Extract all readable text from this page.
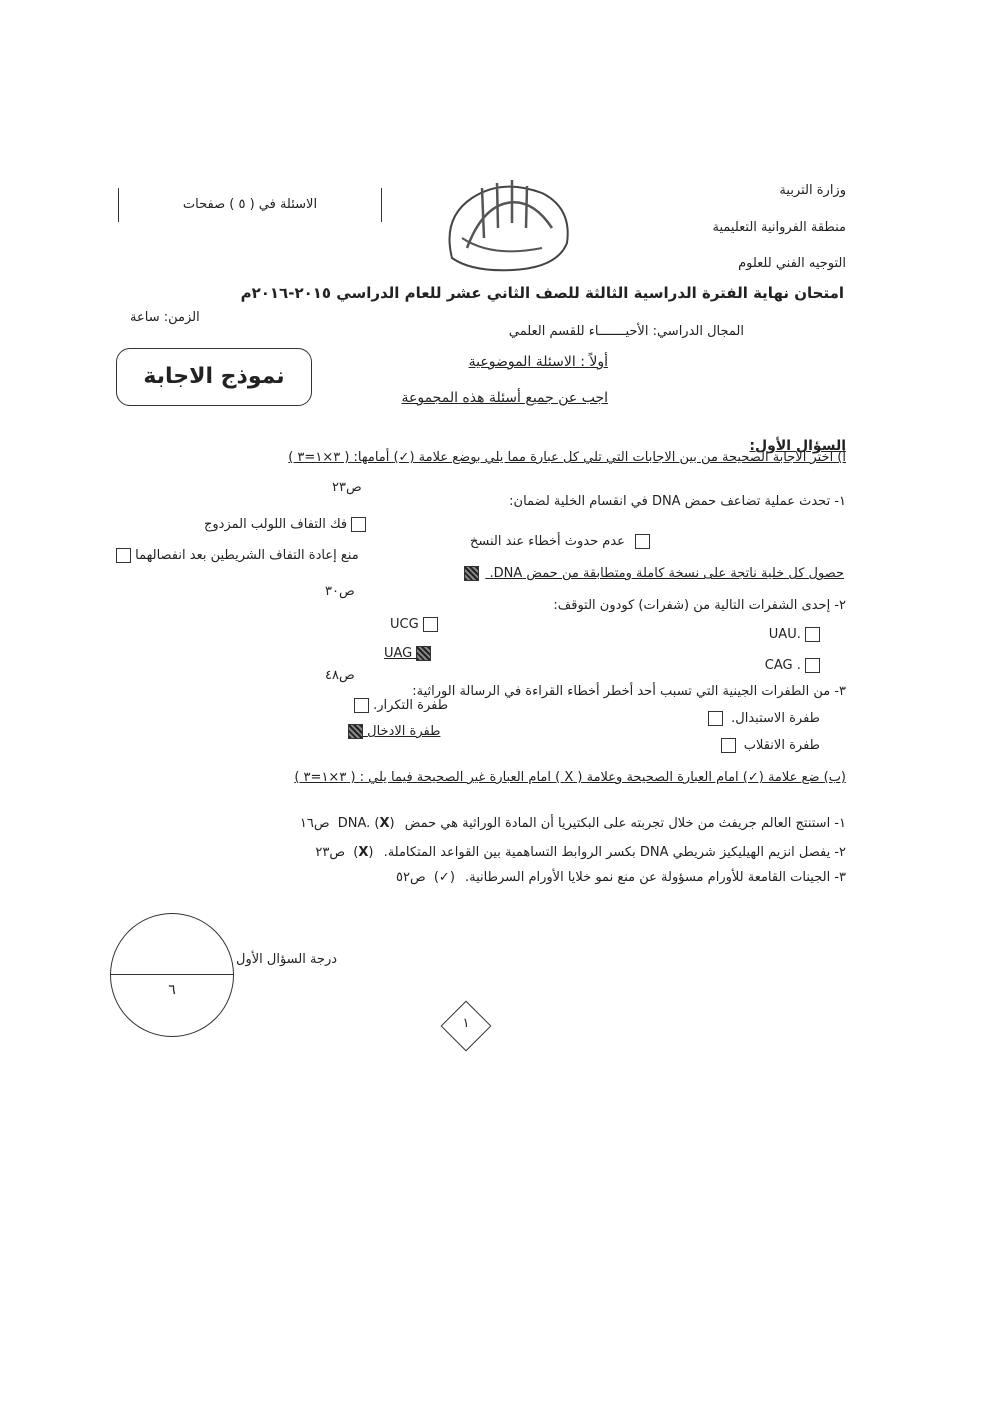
وزارة التربية
منطقة الفروانية التعليمية
التوجيه الفني للعلوم
الاسئلة في ( ٥ ) صفحات
امتحان نهاية الفترة الدراسية الثالثة للصف الثاني عشر للعام الدراسي ٢٠١٥-٢٠١٦م
المجال الدراسي: الأحيـــــــاء للقسم العلمي
الزمن: ساعة
نموذج الاجابة
أولاً : الاسئلة الموضوعية
اجب عن جميع أسئلة هذه المجموعة
السؤال الأول:
أ) اختر الاجابة الصحيحة من بين الاجابات التي تلي كل عبارة مما يلي بوضع علامة (✓) أمامها: ( ٣×١=٣ )
١- تحدث عملية تضاعف حمض DNA في انقسام الخلية لضمان:
ص٢٣
فك التفاف اللولب المزدوج
عدم حدوث أخطاء عند النسخ
منع إعادة التفاف الشريطين بعد انفصالهما
حصول كل خلية ناتجة على نسخة كاملة ومتطابقة من حمض DNA.
٢- إحدى الشفرات التالية من (شفرات) كودون التوقف:
ص٣٠
UCG
UAU.
UAG
CAG .
٣- من الطفرات الجينية التي تسبب أحد أخطر أخطاء القراءة في الرسالة الوراثية:
ص٤٨
طفرة التكرار.
طفرة الاستبدال.
طفرة الادخال
طفرة الانقلاب
(ب) ضع علامة (✓) امام العبارة الصحيحة وعلامة ( X ) امام العبارة غير الصحيحة فيما يلي : ( ٣×١=٣ )
١- استنتج العالم جريفث من خلال تجربته على البكتيريا أن المادة الوراثية هي حمض DNA. (X) ص١٦
٢- يفصل انزيم الهيليكيز شريطي DNA بكسر الروابط التساهمية بين القواعد المتكاملة. (X) ص٢٣
٣- الجينات القامعة للأورام مسؤولة عن منع نمو خلايا الأورام السرطانية. (✓) ص٥٢
٦
درجة السؤال الأول
١
